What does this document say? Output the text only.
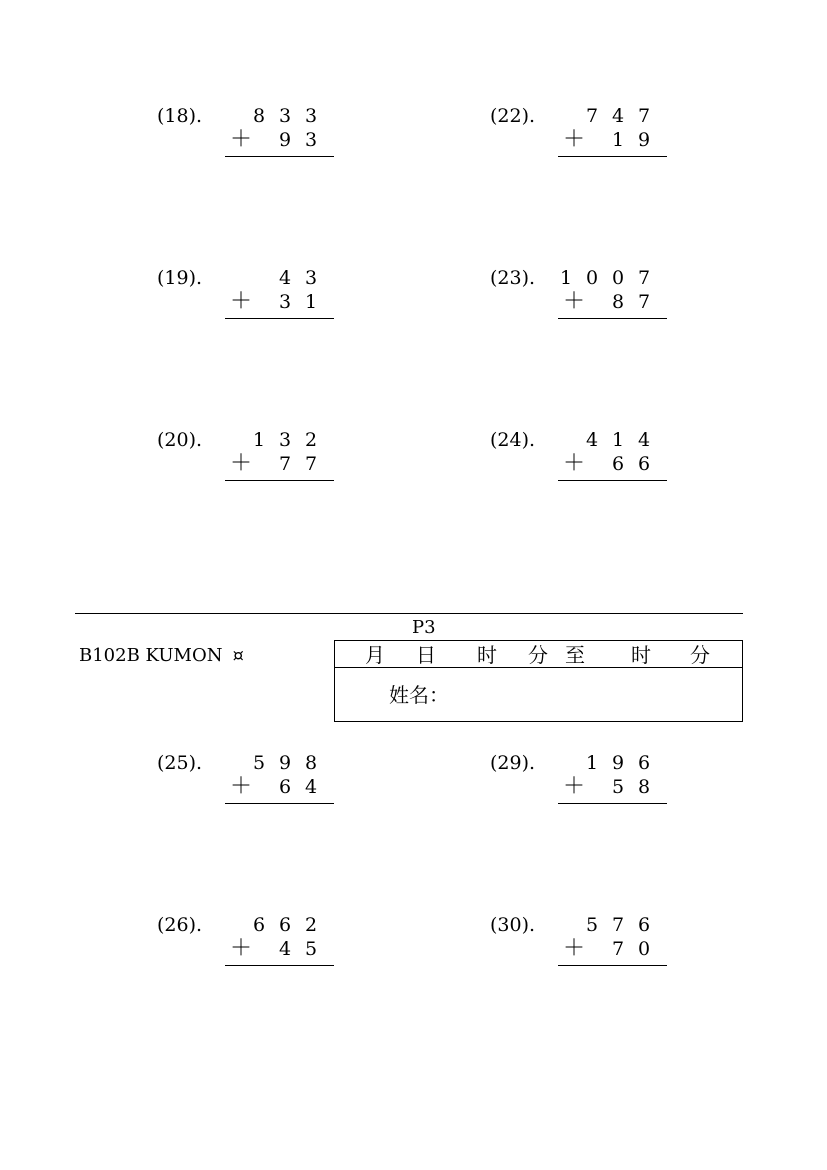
(18).	8 3 3
＋	9 3
(19).	4 3
＋	3 1
(20).	1 3 2
＋	7 7
(22).	7 4 7
＋	1 9
(23).	1 0 0 7
＋	8 7
(24).	4 1 4
＋	6 6
P3
B102B KUMON ¤	月 日 时 分 至 时 分
姓名：
(25).	5 9 8
＋	6 4
(26).	6 6 2
＋	4 5
(29).	1 9 6
＋	5 8
(30).	5 7 6
＋	7 0
